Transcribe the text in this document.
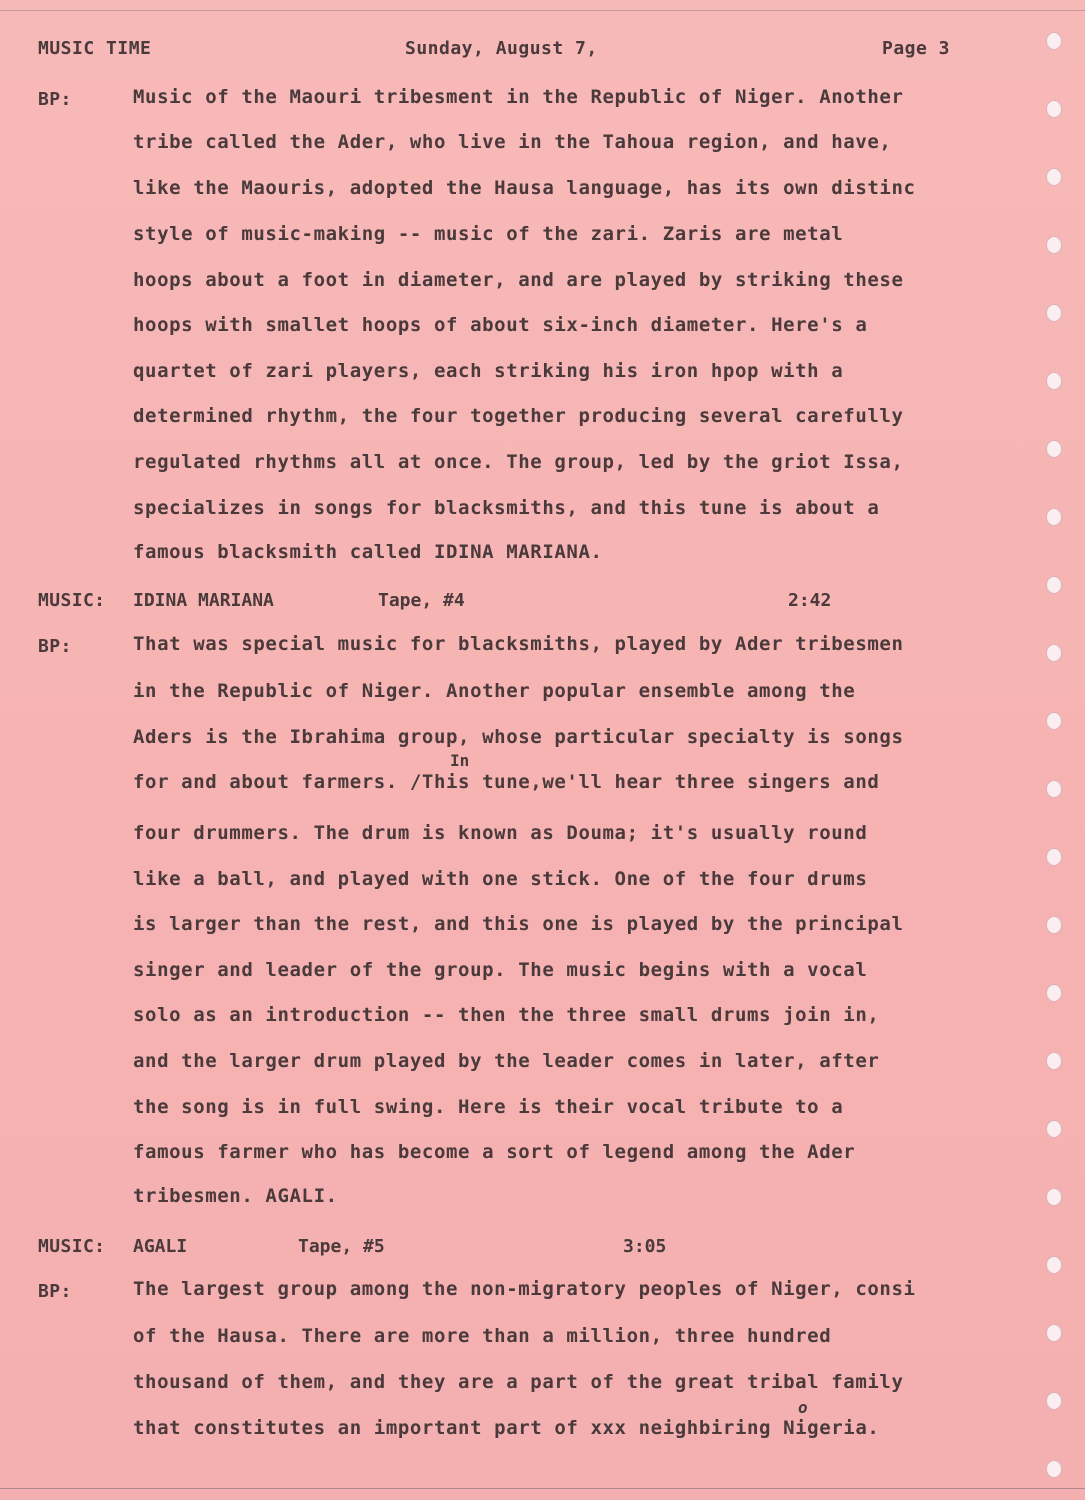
MUSIC TIME	Sunday, August 7,	Page 3
BP:	Music of the Maouri tribesment in the Republic of Niger. Another
tribe called the Ader, who live in the Tahoua region, and have,
like the Maouris, adopted the Hausa language, has its own distinc
style of music-making -- music of the zari. Zaris are metal
hoops about a foot in diameter, and are played by striking these
hoops with smallet hoops of about six-inch diameter. Here's a
quartet of zari players, each striking his iron hpop with a
determined rhythm, the four together producing several carefully
regulated rhythms all at once. The group, led by the griot Issa,
specializes in songs for blacksmiths, and this tune is about a
famous blacksmith called IDINA MARIANA.
MUSIC: IDINA MARIANA	Tape, #4	2:42
BP:	That was special music for blacksmiths, played by Ader tribesmen
in the Republic of Niger. Another popular ensemble among the
Aders is the Ibrahima group, whose particular specialty is songs
In
for and about farmers. /This tune,we'll hear three singers and
four drummers. The drum is known as Douma; it's usually round
like a ball, and played with one stick. One of the four drums
is larger than the rest, and this one is played by the principal
singer and leader of the group. The music begins with a vocal
solo as an introduction -- then the three small drums join in,
and the larger drum played by the leader comes in later, after
the song is in full swing. Here is their vocal tribute to a
famous farmer who has become a sort of legend among the Ader
tribesmen. AGALI.
MUSIC: AGALI	Tape, #5	3:05
BP:	The largest group among the non-migratory peoples of Niger, consi
of the Hausa. There are more than a million, three hundred
thousand of them, and they are a part of the great tribal family
o
that constitutes an important part of xxx neighbiring Nigeria.
